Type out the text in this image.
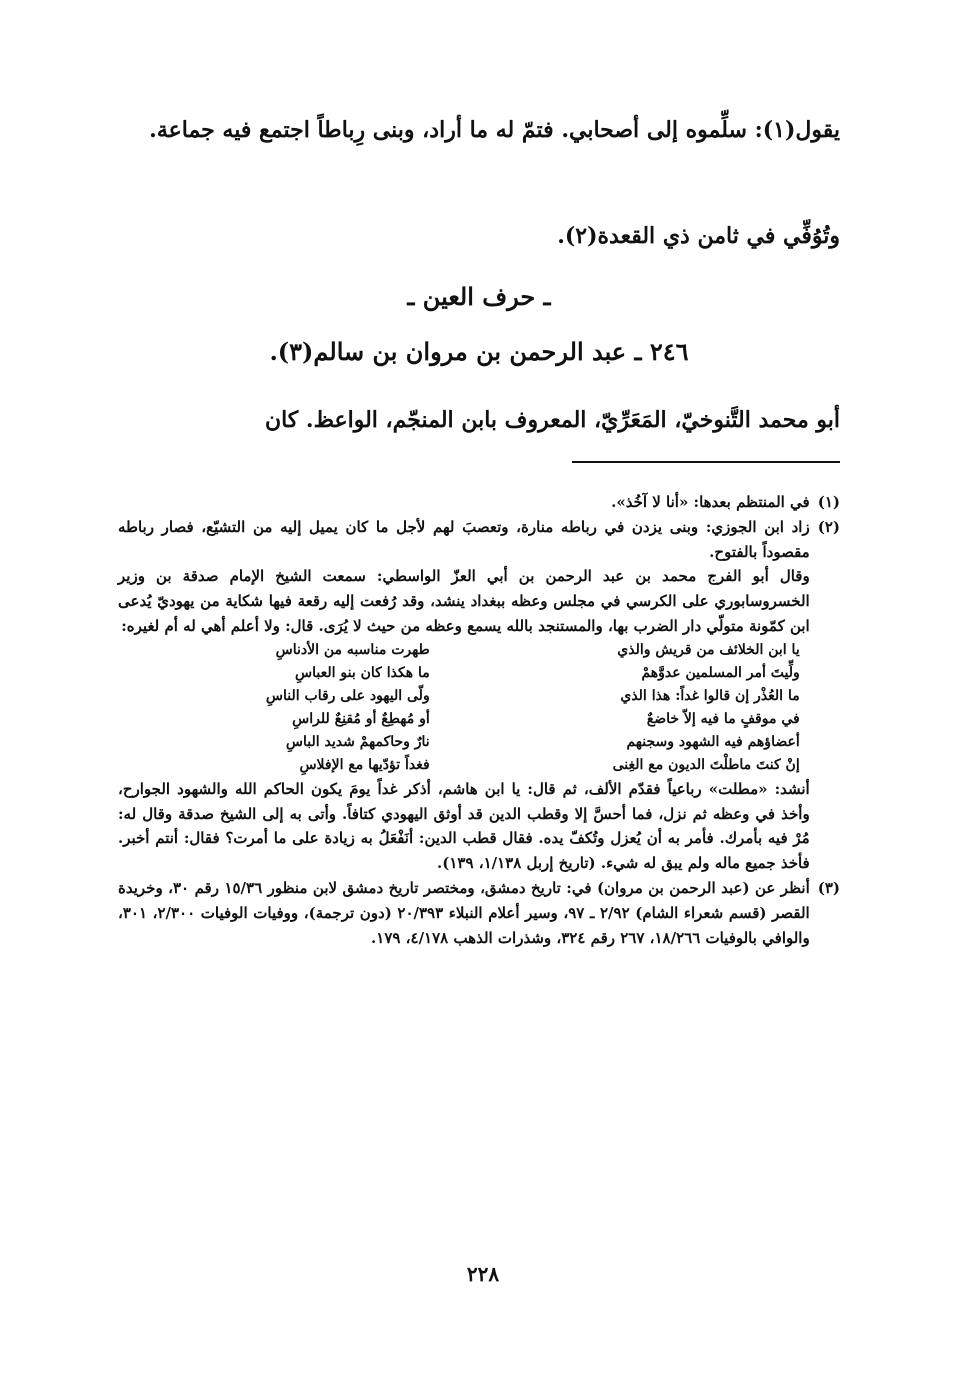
يقول(١): سلِّموه إلى أصحابي. فتمّ له ما أراد، وبنى رِباطاً اجتمع فيه جماعة.

وتُوُفِّي في ثامن ذي القعدة(٢).

ـ حرف العين ـ

٢٤٦ ـ عبد الرحمن بن مروان بن سالم(٣).

أبو محمد التَّنوخيّ، المَعَرِّيّ، المعروف بابن المنجّم، الواعظ. كان

(١)
في المنتظم بعدها: «أنا لا آخُذ».
(٢)

زاد ابن الجوزي: وبنى يزدن في رباطه منارة، وتعصبَ لهم لأجل ما كان يميل إليه من التشيّع، فصار رباطه مقصوداً بالفتوح.

وقال أبو الفرج محمد بن عبد الرحمن بن أبي العزّ الواسطي: سمعت الشيخ الإمام صدقة بن وزير الخسروسابوري على الكرسي في مجلس وعظه ببغداد ينشد، وقد رُفعت إليه رقعة فيها شكاية من يهوديّ يُدعى ابن كمّونة متولّي دار الضرب بها، والمستنجد بالله يسمع وعظه من حيث لا يُرَى. قال: ولا أعلم أهي له أم لغيره:

يا ابن الخلائف من قريش والذي
طهرت مناسبه من الأدناسِ
ولِّيتَ أمر المسلمين عدوَّهمْ
ما هكذا كان بنو العباسِ
ما العُذْر إن قالوا غداً: هذا الذي
ولّى اليهود على رقاب الناسِ
في موقفٍ ما فيه إلاّ خاضعٌ
أو مُهطِعٌ أو مُقنِعٌ للراسِ
أعضاؤهم فيه الشهود وسجنهم
نارٌ وحاكمهمْ شديد الباسِ
إنْ كنتَ ماطلْتَ الديون مع الغِنى
فغداً تؤدّيها مع الإفلاسِ

أنشد: «مطلت» رباعياً فقدّم الألف، ثم قال: يا ابن هاشم، أذكر غداً يومَ يكون الحاكم الله والشهود الجوارح، وأخذ في وعظه ثم نزل، فما أحسَّ إلا وقطب الدين قد أوثق اليهودي كتافاً. وأتى به إلى الشيخ صدقة وقال له: مُرْ فيه بأمرك. فأمر به أن يُعزل وتُكفّ يده. فقال قطب الدين: أنَفْعَلُ به زيادة على ما أمرت؟ فقال: أنتم أخبر. فأخذ جميع ماله ولم يبق له شيء. (تاريخ إربل ١/١٣٨، ١٣٩).

(٣)
أنظر عن (عبد الرحمن بن مروان) في: تاريخ دمشق، ومختصر تاريخ دمشق لابن منظور ١٥/٣٦ رقم ٣٠، وخريدة القصر (قسم شعراء الشام) ٢/٩٢ ـ ٩٧، وسير أعلام النبلاء ٢٠/٣٩٣ (دون ترجمة)، ووفيات الوفيات ٢/٣٠٠، ٣٠١، والوافي بالوفيات ١٨/٢٦٦، ٢٦٧ رقم ٣٢٤، وشذرات الذهب ٤/١٧٨، ١٧٩.
٢٢٨
